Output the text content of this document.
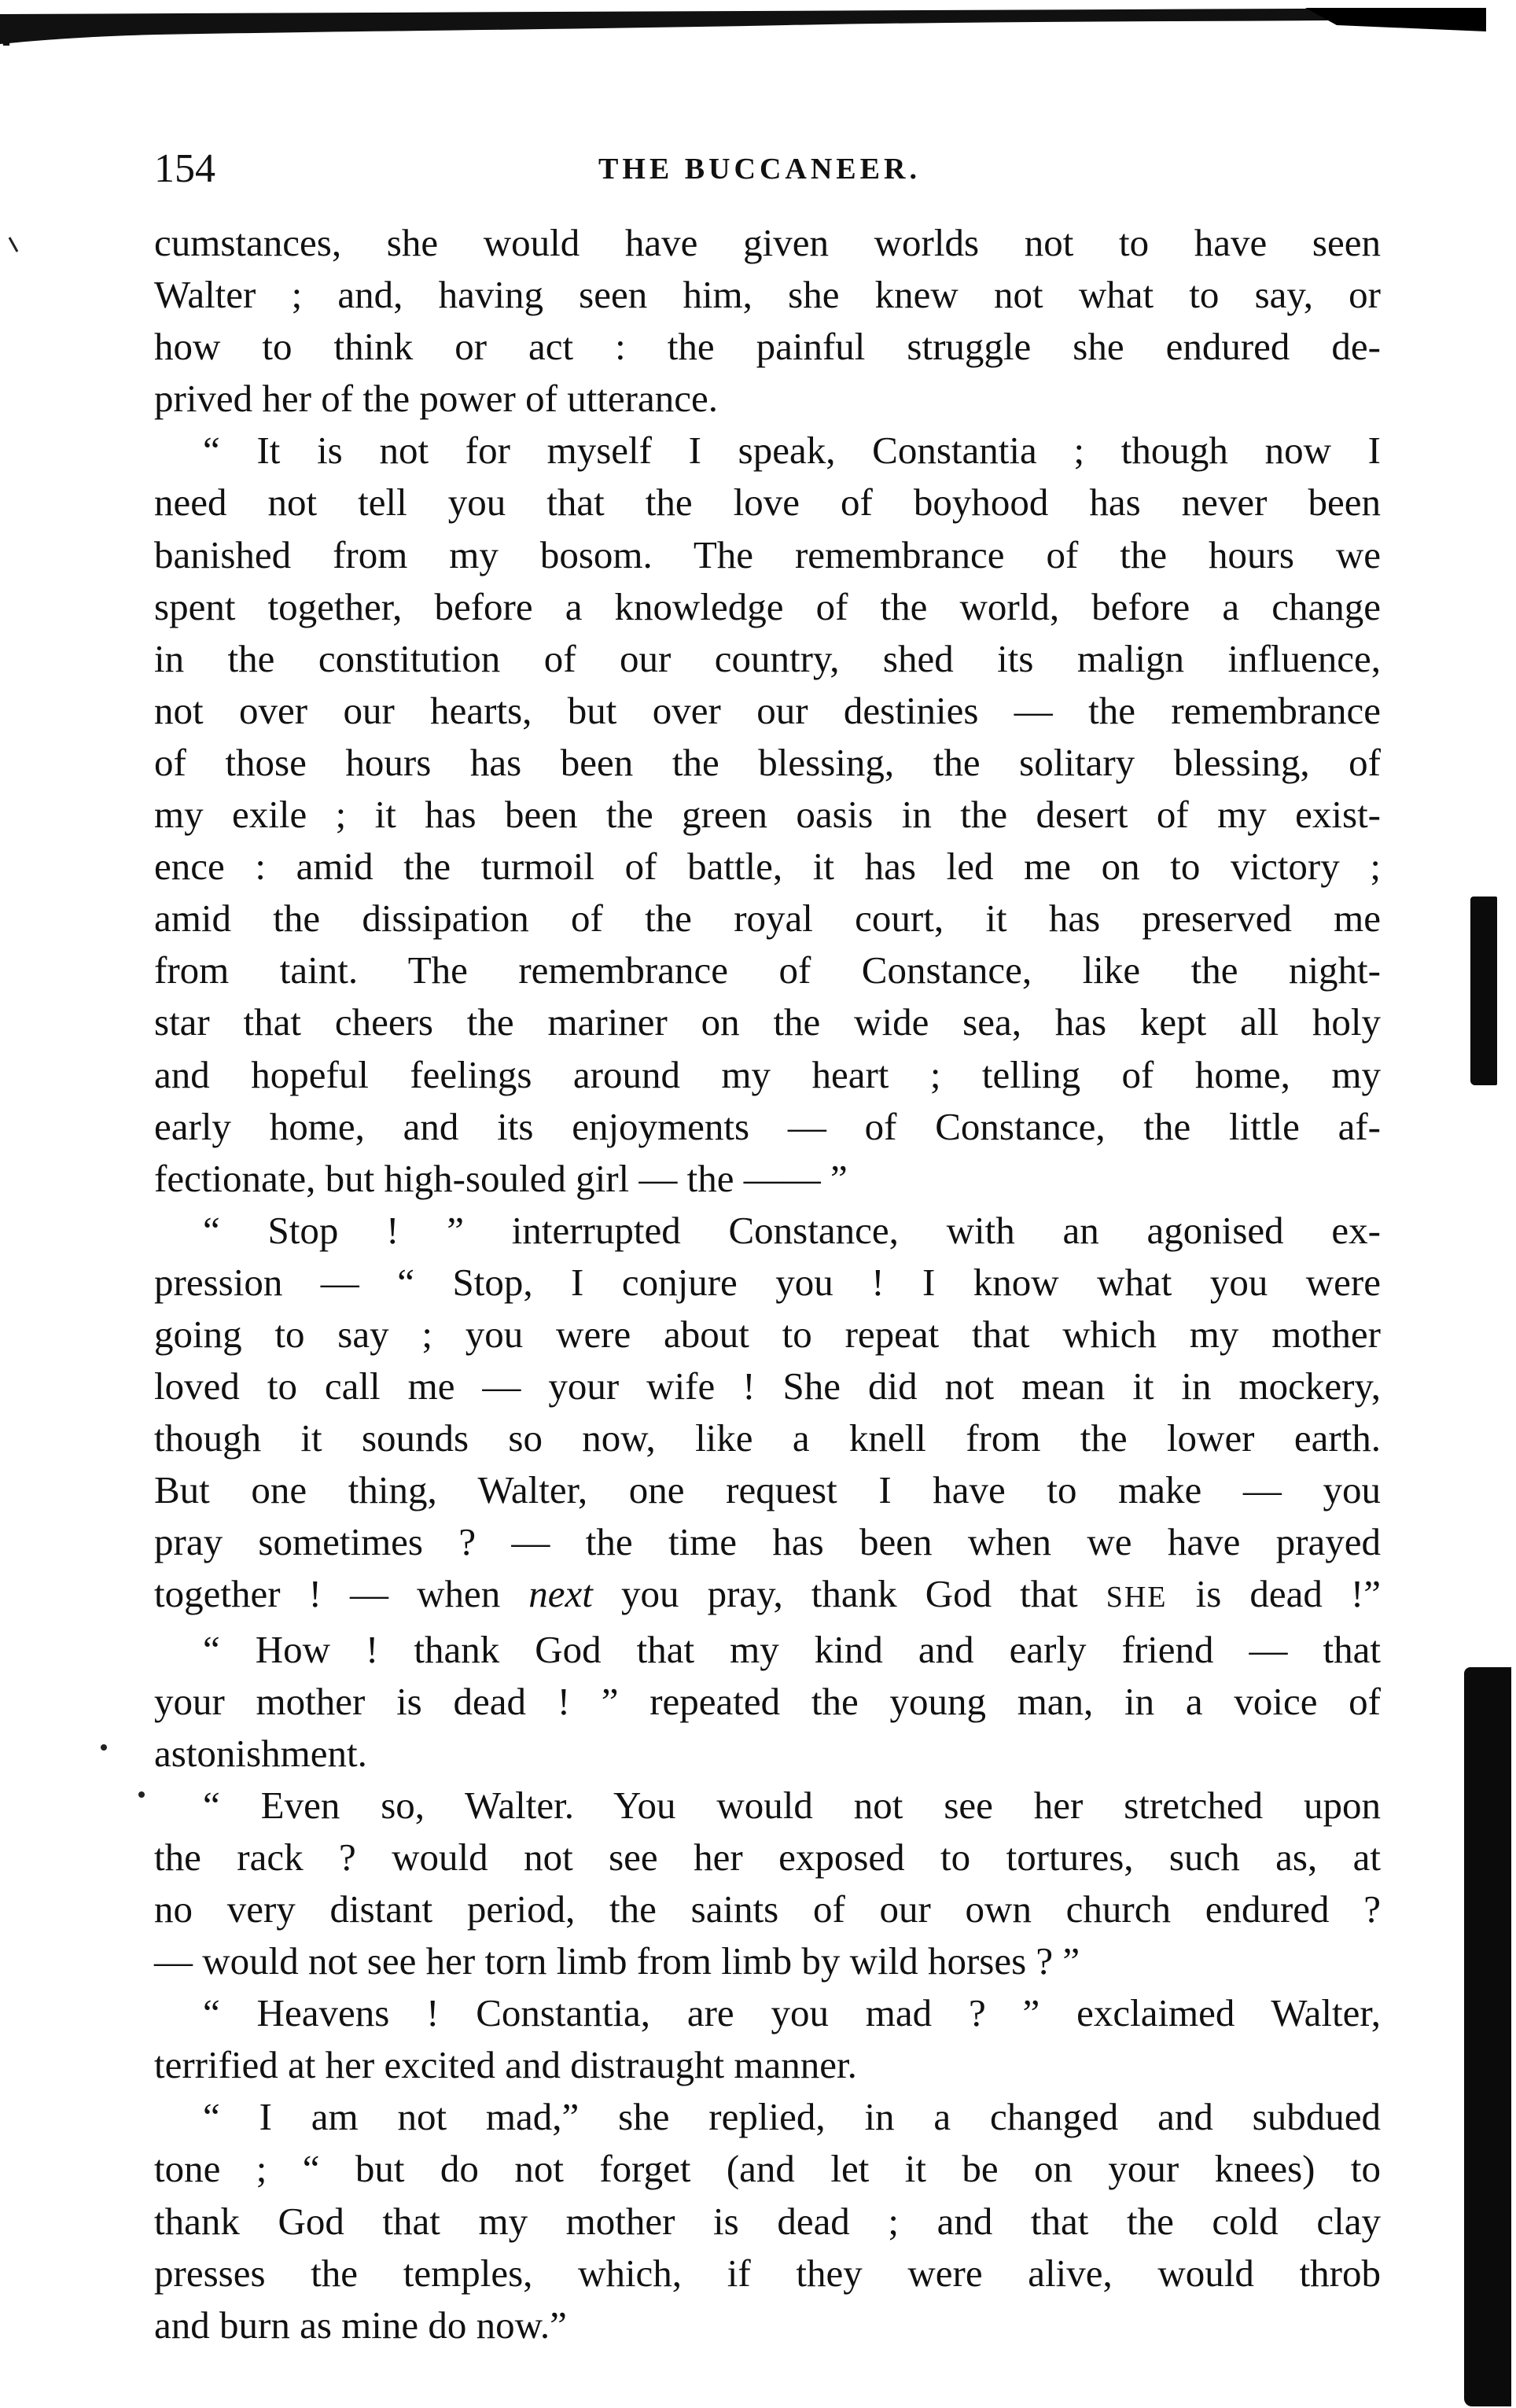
154	THE BUCCANEER.
cumstances, she would have given worlds not to have seen
Walter ; and, having seen him, she knew not what to say, or
how to think or act : the painful struggle she endured de-
prived her of the power of utterance.
“ It is not for myself I speak, Constantia ; though now I
need not tell you that the love of boyhood has never been
banished from my bosom. The remembrance of the hours we
spent together, before a knowledge of the world, before a change
in the constitution of our country, shed its malign influence,
not over our hearts, but over our destinies — the remembrance
of those hours has been the blessing, the solitary blessing, of
my exile ; it has been the green oasis in the desert of my exist-
ence : amid the turmoil of battle, it has led me on to victory ;
amid the dissipation of the royal court, it has preserved me
from taint. The remembrance of Constance, like the night-
star that cheers the mariner on the wide sea, has kept all holy
and hopeful feelings around my heart ; telling of home, my
early home, and its enjoyments — of Constance, the little af-
fectionate, but high-souled girl — the —— ”
“ Stop ! ” interrupted Constance, with an agonised ex-
pression — “ Stop, I conjure you ! I know what you were
going to say ; you were about to repeat that which my mother
loved to call me — your wife ! She did not mean it in mockery,
though it sounds so now, like a knell from the lower earth.
But one thing, Walter, one request I have to make — you
pray sometimes ? — the time has been when we have prayed
together ! — when next you pray, thank God that SHE is dead !”
“ How ! thank God that my kind and early friend — that
your mother is dead ! ” repeated the young man, in a voice of
astonishment.
“ Even so, Walter. You would not see her stretched upon
the rack ? would not see her exposed to tortures, such as, at
no very distant period, the saints of our own church endured ?
— would not see her torn limb from limb by wild horses ? ”
“ Heavens ! Constantia, are you mad ? ” exclaimed Walter,
terrified at her excited and distraught manner.
“ I am not mad,” she replied, in a changed and subdued
tone ; “ but do not forget (and let it be on your knees) to
thank God that my mother is dead ; and that the cold clay
presses the temples, which, if they were alive, would throb
and burn as mine do now.”
